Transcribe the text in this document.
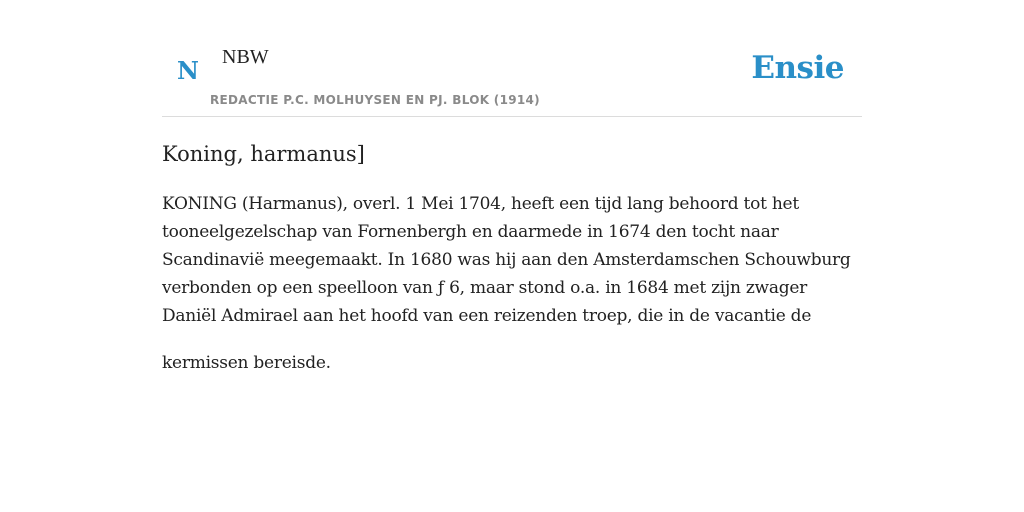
N NBW
REDACTIE P.C. MOLHUYSEN EN PJ. BLOK (1914)
Ensie
Koning, harmanus]

KONING (Harmanus), overl. 1 Mei 1704, heeft een tijd lang behoord tot het tooneelgezelschap van Fornenbergh en daarmede in 1674 den tocht naar Scandinavië meegemaakt. In 1680 was hij aan den Amsterdamschen Schouwburg verbonden op een speelloon van ƒ 6, maar stond o.a. in 1684 met zijn zwager Daniël Admirael aan het hoofd van een reizenden troep, die in de vacantie de

kermissen bereisde.
